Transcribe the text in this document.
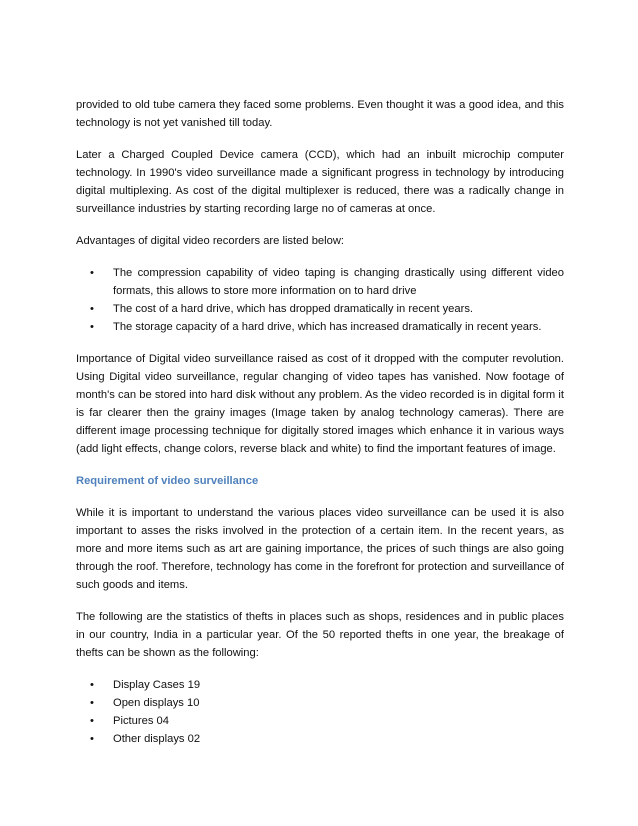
provided to old tube camera they faced some problems. Even thought it was a good idea, and this technology is not yet vanished till today.

Later a Charged Coupled Device camera (CCD), which had an inbuilt microchip computer technology. In 1990's video surveillance made a significant progress in technology by introducing digital multiplexing. As cost of the digital multiplexer is reduced, there was a radically change in surveillance industries by starting recording large no of cameras at once.

Advantages of digital video recorders are listed below:

• The compression capability of video taping is changing drastically using different video formats, this allows to store more information on to hard drive
• The cost of a hard drive, which has dropped dramatically in recent years.
• The storage capacity of a hard drive, which has increased dramatically in recent years.

Importance of Digital video surveillance raised as cost of it dropped with the computer revolution. Using Digital video surveillance, regular changing of video tapes has vanished. Now footage of month's can be stored into hard disk without any problem. As the video recorded is in digital form it is far clearer then the grainy images (Image taken by analog technology cameras). There are different image processing technique for digitally stored images which enhance it in various ways (add light effects, change colors, reverse black and white) to find the important features of image.

Requirement of video surveillance

While it is important to understand the various places video surveillance can be used it is also important to asses the risks involved in the protection of a certain item. In the recent years, as more and more items such as art are gaining importance, the prices of such things are also going through the roof. Therefore, technology has come in the forefront for protection and surveillance of such goods and items.

The following are the statistics of thefts in places such as shops, residences and in public places in our country, India in a particular year. Of the 50 reported thefts in one year, the breakage of thefts can be shown as the following:

• Display Cases 19
• Open displays 10
• Pictures 04
• Other displays 02
